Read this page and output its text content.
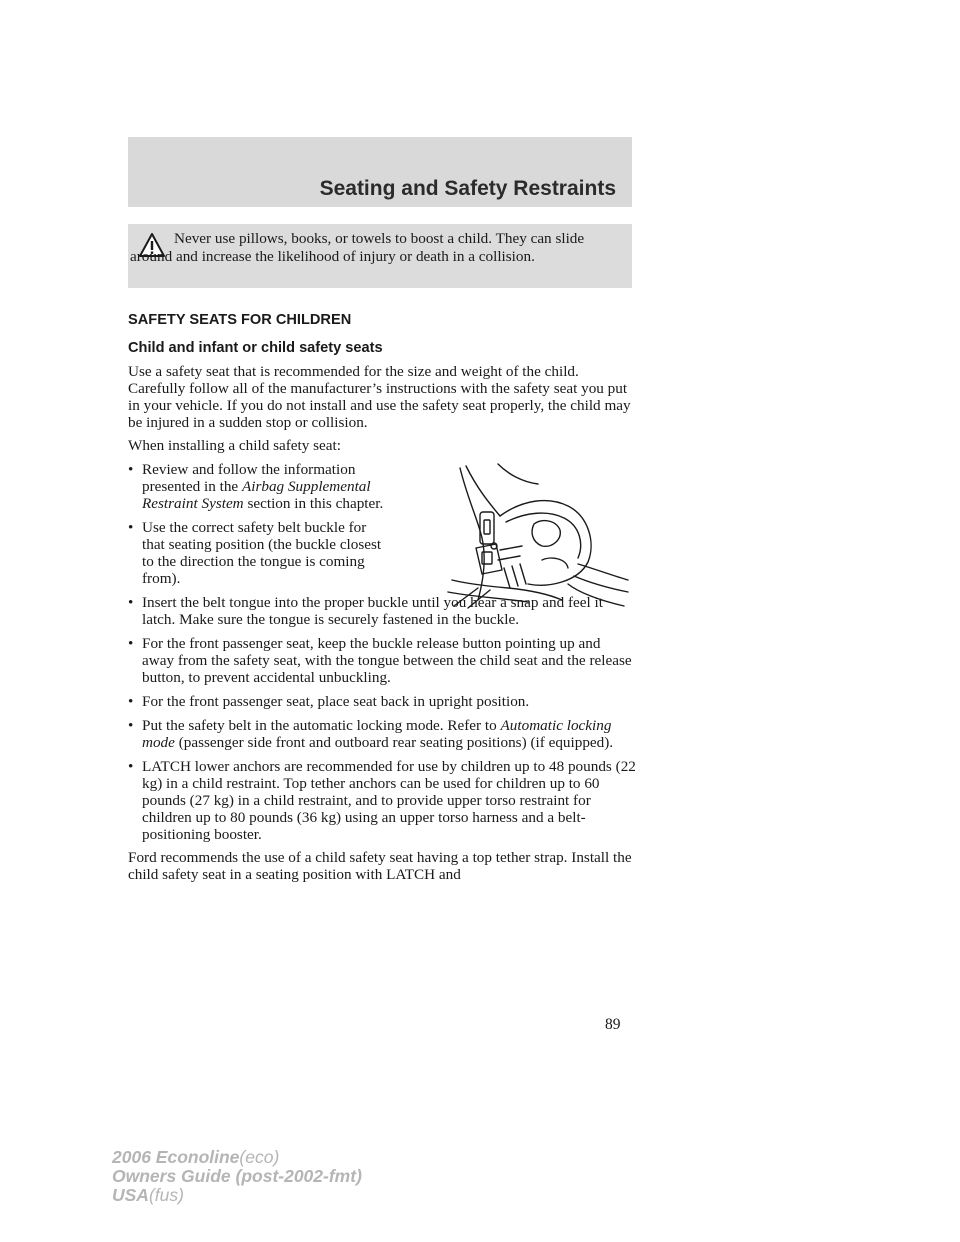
Seating and Safety Restraints
Never use pillows, books, or towels to boost a child. They can slide around and increase the likelihood of injury or death in a collision.
SAFETY SEATS FOR CHILDREN
Child and infant or child safety seats

Use a safety seat that is recommended for the size and weight of the child. Carefully follow all of the manufacturer’s instructions with the safety seat you put in your vehicle. If you do not install and use the safety seat properly, the child may be injured in a sudden stop or collision.

When installing a child safety seat:

• Review and follow the information presented in the Airbag Supplemental Restraint System section in this chapter.
• Use the correct safety belt buckle for that seating position (the buckle closest to the direction the tongue is coming from).
• Insert the belt tongue into the proper buckle until you hear a snap and feel it latch. Make sure the tongue is securely fastened in the buckle.
• For the front passenger seat, keep the buckle release button pointing up and away from the safety seat, with the tongue between the child seat and the release button, to prevent accidental unbuckling.
• For the front passenger seat, place seat back in upright position.
• Put the safety belt in the automatic locking mode. Refer to Automatic locking mode (passenger side front and outboard rear seating positions) (if equipped).
• LATCH lower anchors are recommended for use by children up to 48 pounds (22 kg) in a child restraint. Top tether anchors can be used for children up to 60 pounds (27 kg) in a child restraint, and to provide upper torso restraint for children up to 80 pounds (36 kg) using an upper torso harness and a belt-positioning booster.

Ford recommends the use of a child safety seat having a top tether strap. Install the child safety seat in a seating position with LATCH and

89
2006 Econoline(eco)
Owners Guide (post-2002-fmt)
USA(fus)
